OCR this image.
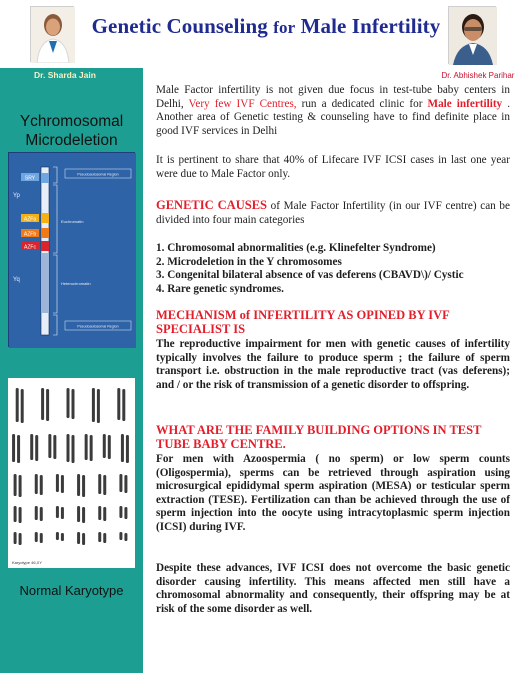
Genetic Counseling for Male Infertility
Dr. Sharda Jain	Dr. Abhishek Parihar
Ychromosomal
Microdeletion
SRY
AZFa
AZFb
AZFc
Yp
Yq
Pseudoautosomal Region
Euchromatin
Heterochromatin
Pseudoautosomal Region
Karyotype 46,XY
Normal Karyotype
Male Factor infertility is not given due focus in test-tube baby centers in Delhi, Very few IVF Centres, run a dedicated clinic for Male infertility . Another area of Genetic testing & counseling have to find definite place in good IVF services in Delhi
It is pertinent to share that 40% of Lifecare IVF ICSI cases in last one year were due to Male Factor only.
GENETIC CAUSES of Male Factor Infertility (in our IVF centre) can be divided into four main categories
1. Chromosomal abnormalities (e.g. Klinefelter Syndrome)
2. Microdeletion in the Y chromosomes
3. Congenital bilateral absence of vas deferens (CBAVD\)/ Cystic
4. Rare genetic syndromes.
MECHANISM of INFERTILITY AS OPINED BY IVF SPECIALIST IS
The reproductive impairment for men with genetic causes of infertility typically involves the failure to produce sperm ; the failure of sperm transport i.e. obstruction in the male reproductive tract (vas deferens); and / or the risk of transmission of a genetic disorder to offspring.
WHAT ARE THE FAMILY BUILDING OPTIONS IN TEST TUBE BABY CENTRE.
For men with Azoospermia ( no sperm) or low sperm counts (Oligospermia), sperms can be retrieved through aspiration using microsurgical epididymal sperm aspiration (MESA) or testicular sperm extraction (TESE). Fertilization can than be achieved through the use of sperm injection into the oocyte using intracytoplasmic sperm injection (ICSI) during IVF.
Despite these advances, IVF ICSI does not overcome the basic genetic disorder causing infertility. This means affected men still have a chromosomal abnormality and consequently, their offspring may be at risk of the some disorder as well.
